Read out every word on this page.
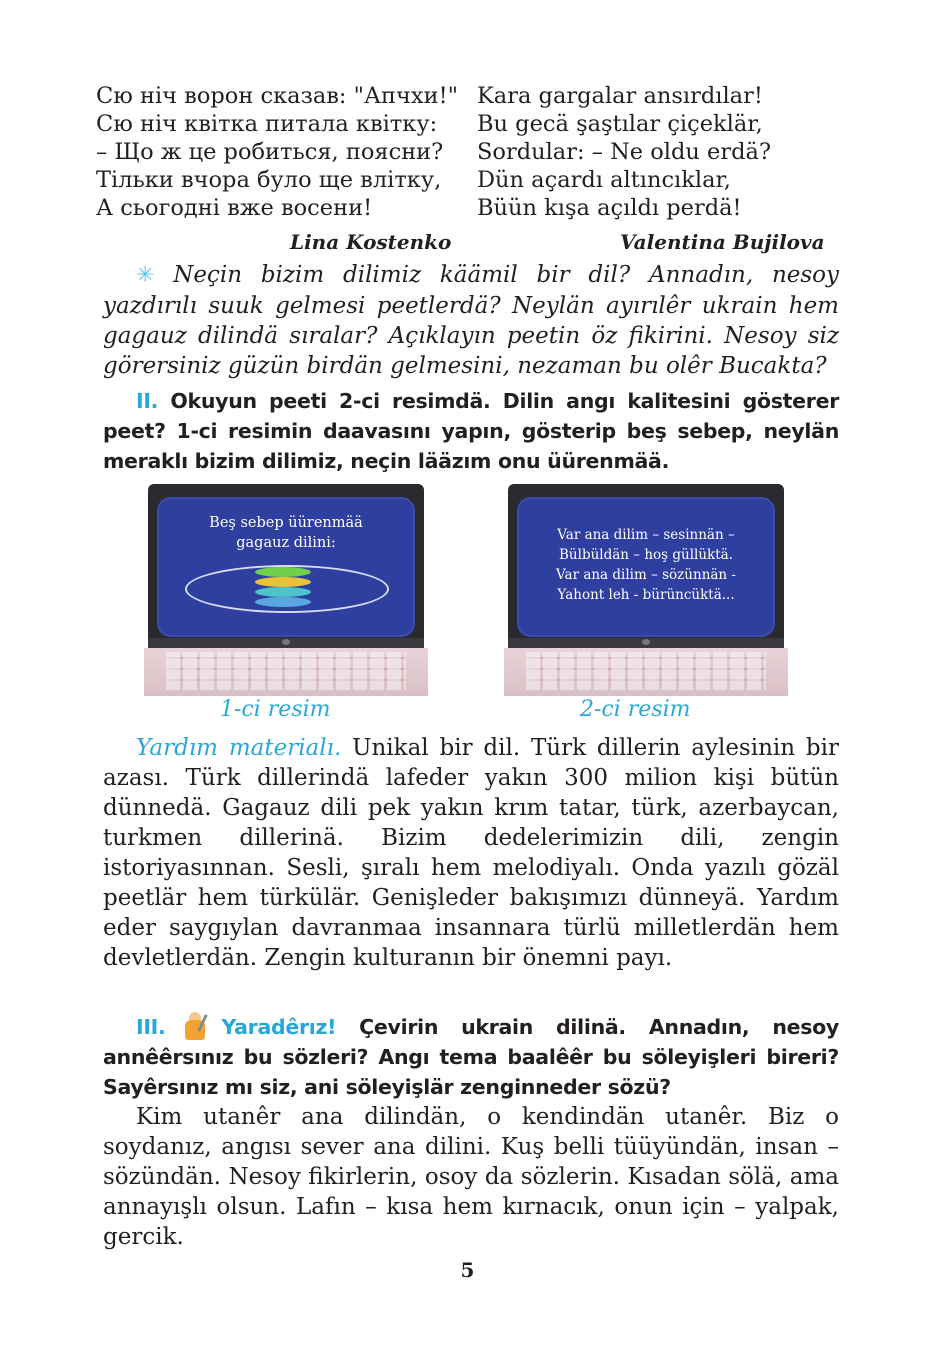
Сю ніч ворон сказав: "Апчхи!"
Сю ніч квітка питала квітку:
– Що ж це робиться, поясни?
Тільки вчора було ще влітку,
А сьогодні вже восени!
Kara gargalar ansırdılar!
Bu gecä şaştılar çiçeklär,
Sordular: – Ne oldu erdä?
Dün açardı altıncıklar,
Büün kışa açıldı perdä!
Lina Kostenko	Valentina Bujilova

✳ Neçin bizim dilimiz käämil bir dil? Annadın, nesoy yazdırılı suuk gelmesi peetlerdä? Neylän ayırılêr ukrain hem gagauz dilindä sıralar? Açıklayın peetin öz fikirini. Nesoy siz görersiniz güzün birdän gelmesini, nezaman bu olêr Bucakta?

II. Okuyun peeti 2-ci resimdä. Dilin angı kalitesini gösterer peet? 1-ci resimin daavasını yapın, gösterip beş sebep, neylän meraklı bizim dilimiz, neçin lääzım onu üürenmää.

Beş sebep üürenmää
gagauz dilini:	Var ana dilim – sesinnän –
Bülbüldän – hoş güllüktä.
Var ana dilim – sözünnän -
Yahont leh - bürüncüktä...
1-ci resim	2-ci resim

Yardım materialı. Unikal bir dil. Türk dillerin aylesinin bir azası. Türk dillerindä lafeder yakın 300 milion kişi bütün dünnedä. Gagauz dili pek yakın krım tatar, türk, azerbaycan, turkmen dillerinä. Bizim dedelerimizin dili, zengin istoriyasınnan. Sesli, şıralı hem melodiyalı. Onda yazılı gözäl peetlär hem türkülär. Genişleder bakışımızı dünneyä. Yardım eder saygıylan davranmaa insannara türlü milletlerdän hem devletlerdän. Zengin kulturanın bir önemni payı.

III.	Yaradêrız! Çevirin ukrain dilinä. Annadın, nesoy annêêrsınız bu sözleri? Angı tema baalêêr bu söleyişleri bireri? Sayêrsınız mı siz, ani söleyişlär zenginneder sözü?

Kim utanêr ana dilindän, o kendindän utanêr. Biz o soydanız, angısı sever ana dilini. Kuş belli tüüyündän, insan – sözündän. Nesoy fikirlerin, osoy da sözlerin. Kısadan sölä, ama annayışlı olsun. Lafın – kısa hem kırnacık, onun için – yalpak, gercik.

5
